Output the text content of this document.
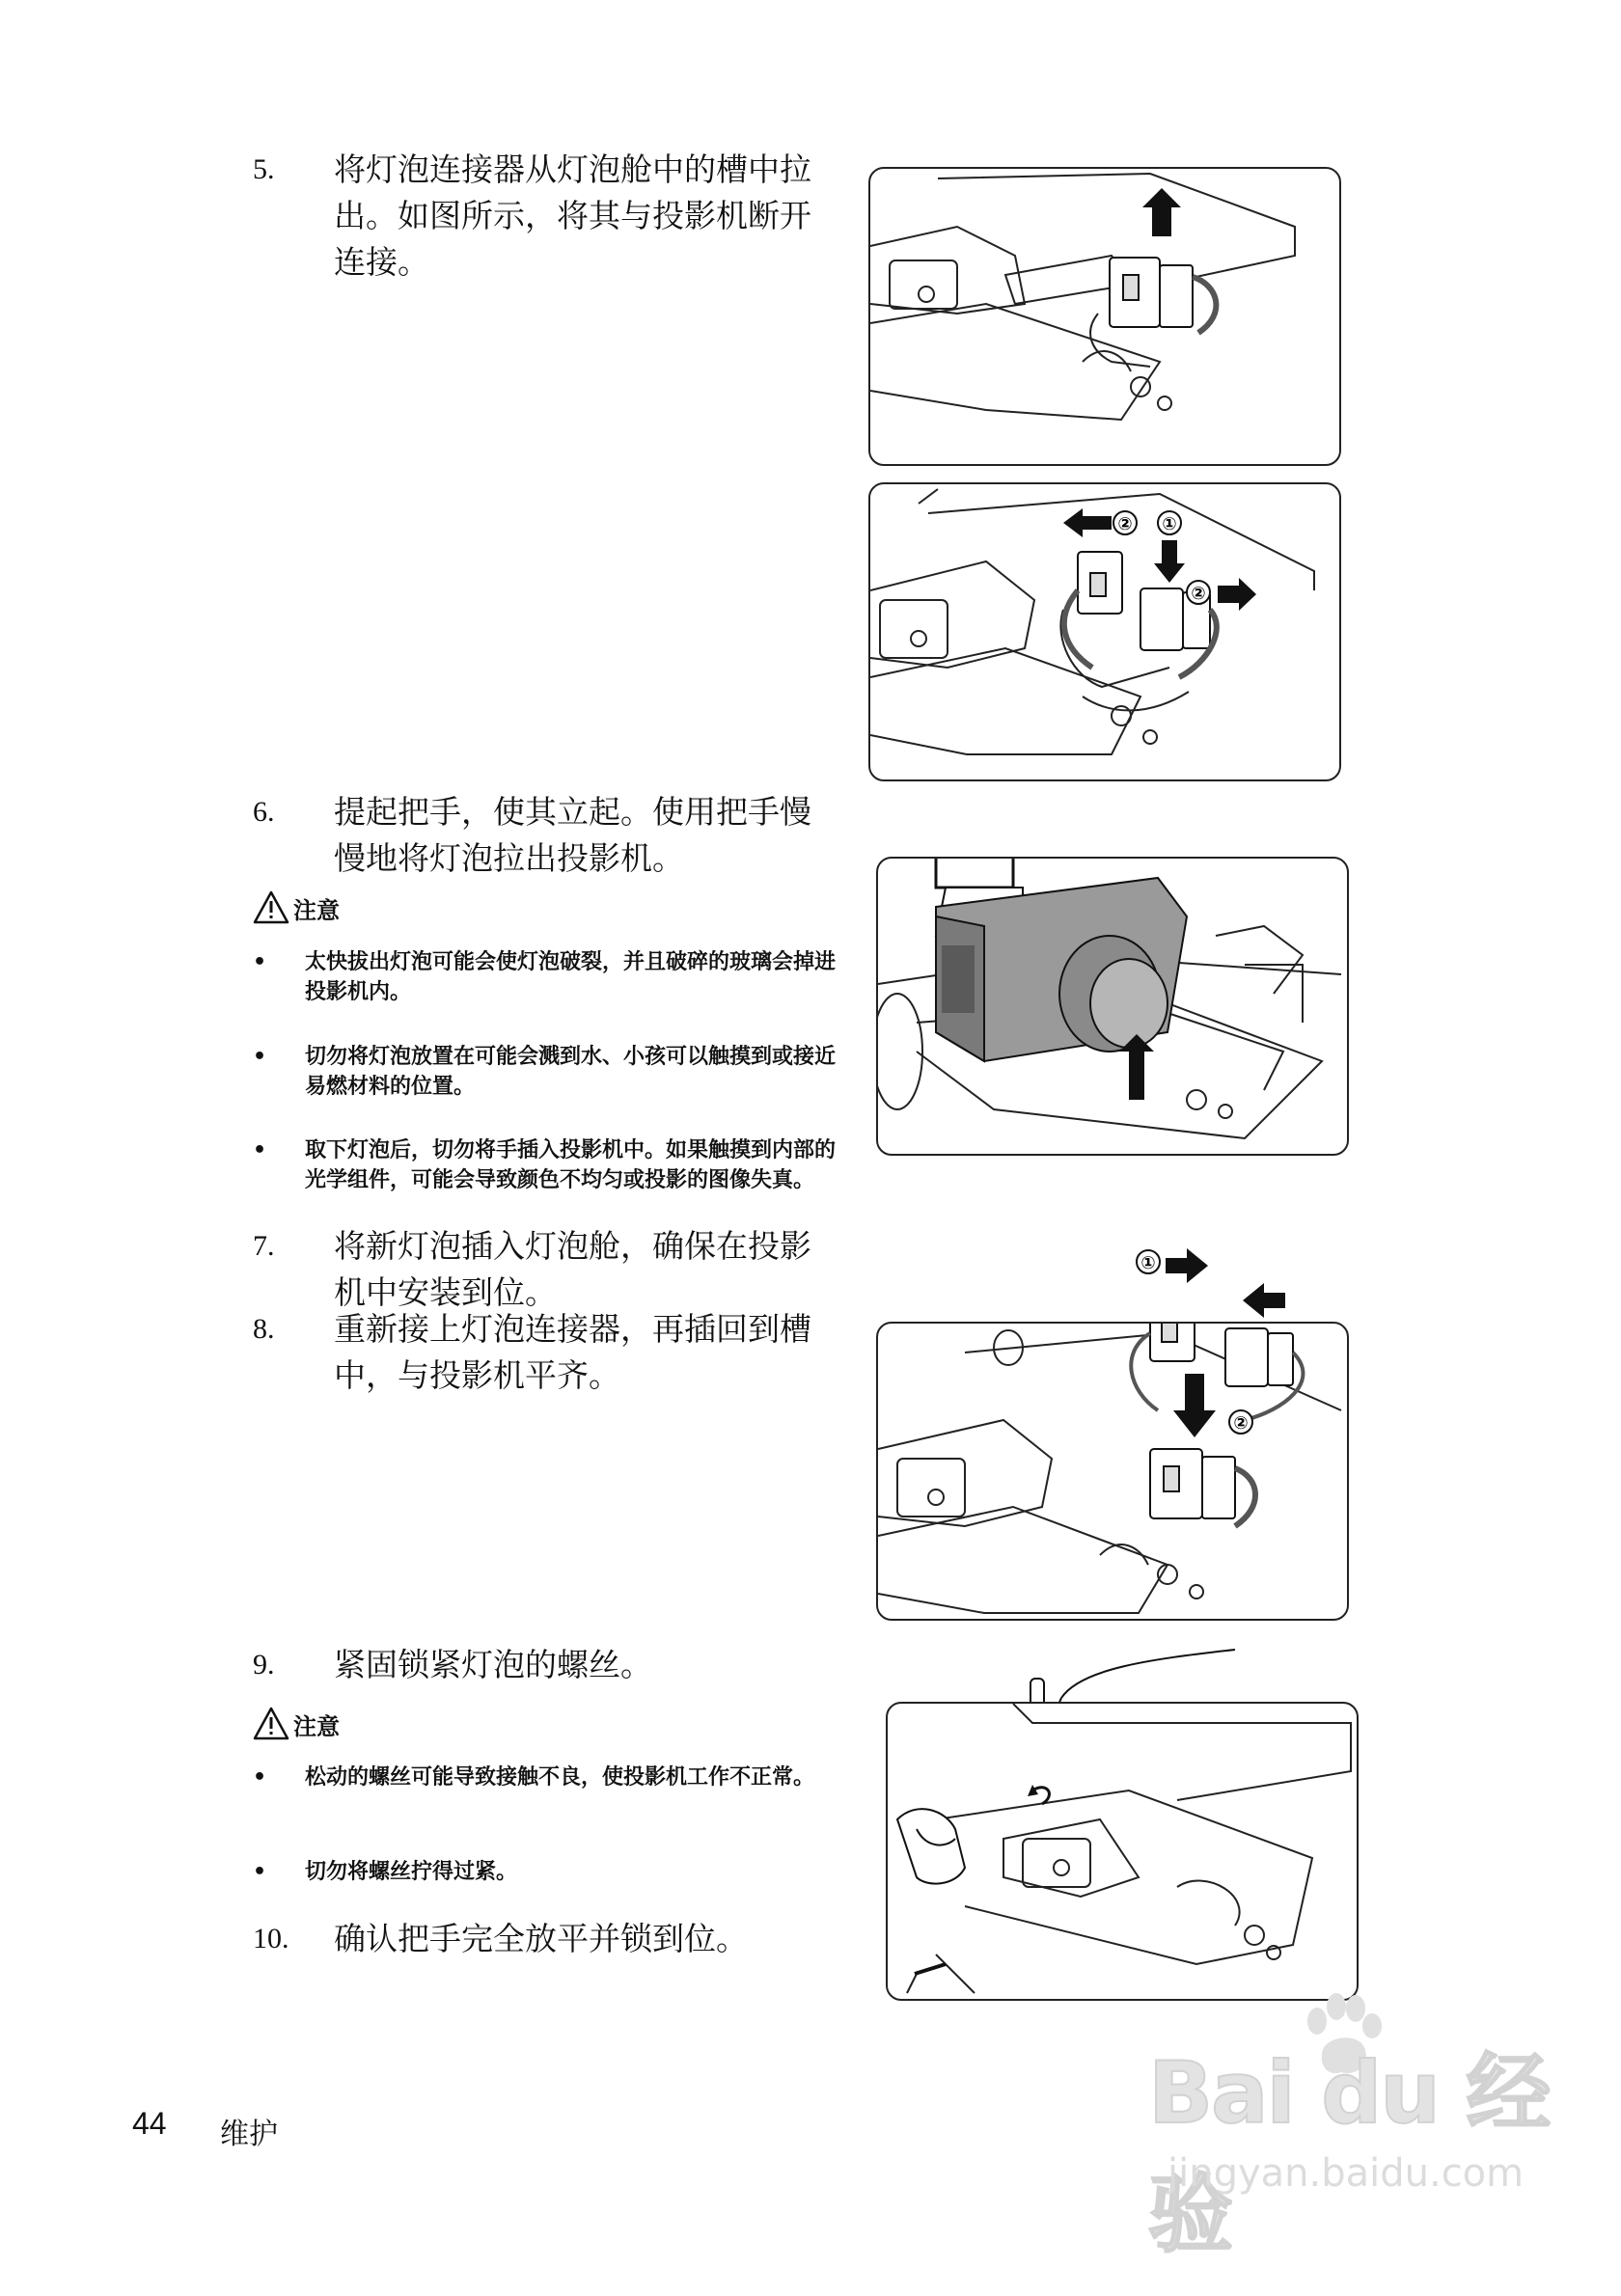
5. 将灯泡连接器从灯泡舱中的槽中拉出。如图所示，将其与投影机断开连接。
② ①
②
6. 提起把手，使其立起。使用把手慢慢地将灯泡拉出投影机。
注意
• 太快拔出灯泡可能会使灯泡破裂，并且破碎的玻璃会掉进投影机内。
• 切勿将灯泡放置在可能会溅到水、小孩可以触摸到或接近易燃材料的位置。
• 取下灯泡后，切勿将手插入投影机中。如果触摸到内部的光学组件，可能会导致颜色不均匀或投影的图像失真。
7. 将新灯泡插入灯泡舱，确保在投影机中安装到位。
8. 重新接上灯泡连接器，再插回到槽中，与投影机平齐。
①
②
9. 紧固锁紧灯泡的螺丝。
注意
• 松动的螺丝可能导致接触不良，使投影机工作不正常。
• 切勿将螺丝拧得过紧。
10. 确认把手完全放平并锁到位。
44 维护	Bai du 经验
jingyan.baidu.com
